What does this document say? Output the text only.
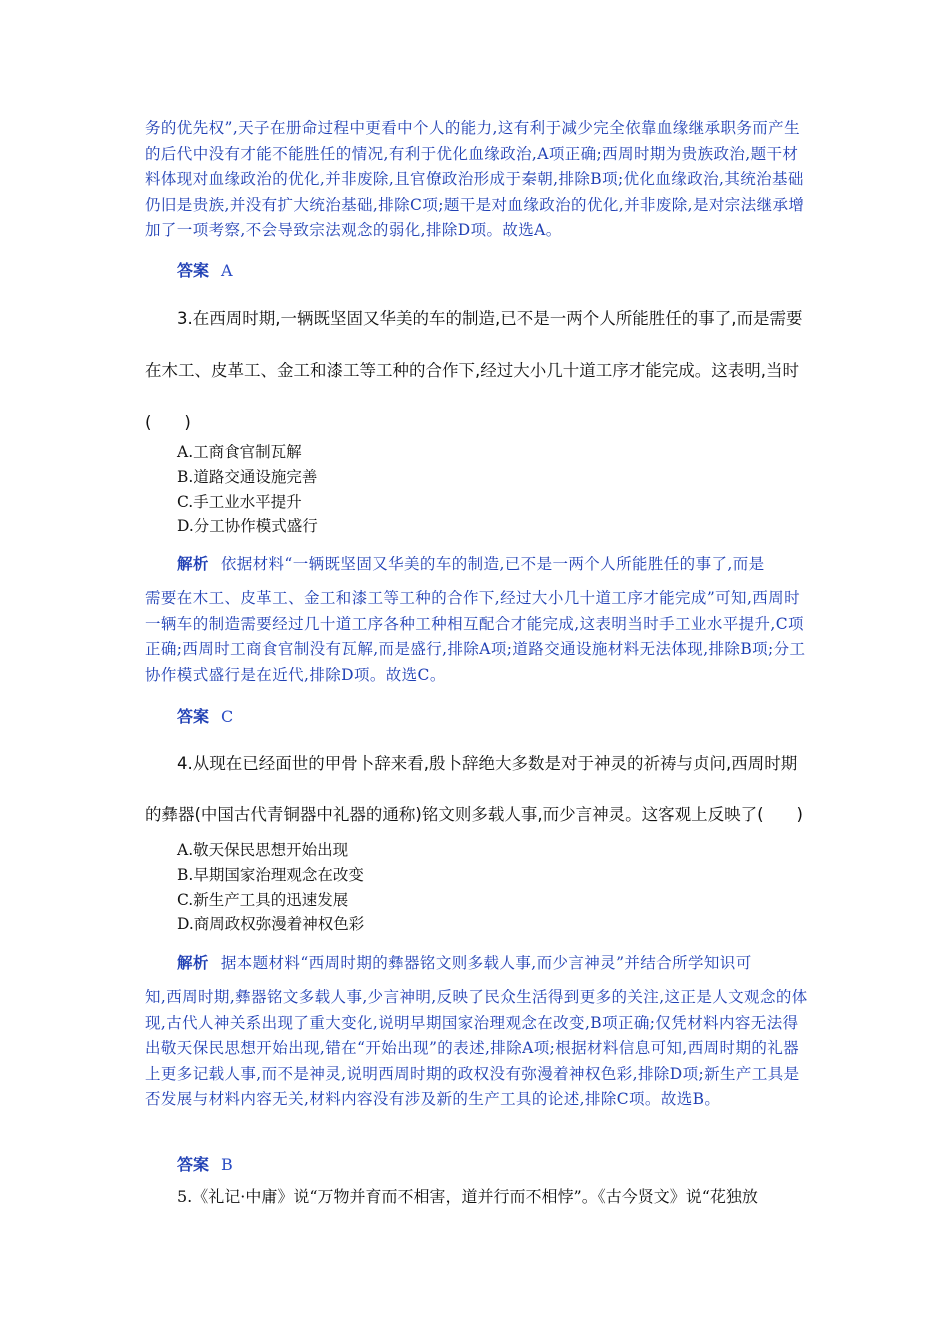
务的优先权”,天子在册命过程中更看中个人的能力,这有利于减少完全依靠血缘继承职务而产生的后代中没有才能不能胜任的情况,有利于优化血缘政治,A项正确;西周时期为贵族政治,题干材料体现对血缘政治的优化,并非废除,且官僚政治形成于秦朝,排除B项;优化血缘政治,其统治基础仍旧是贵族,并没有扩大统治基础,排除C项;题干是对血缘政治的优化,并非废除,是对宗法继承增加了一项考察,不会导致宗法观念的弱化,排除D项。故选A。
答案 A
3.在西周时期,一辆既坚固又华美的车的制造,已不是一两个人所能胜任的事了,而是需要
在木工、皮革工、金工和漆工等工种的合作下,经过大小几十道工序才能完成。这表明,当时
(　　)
A.工商食官制瓦解
B.道路交通设施完善
C.手工业水平提升
D.分工协作模式盛行
解析 依据材料“一辆既坚固又华美的车的制造,已不是一两个人所能胜任的事了,而是
需要在木工、皮革工、金工和漆工等工种的合作下,经过大小几十道工序才能完成”可知,西周时一辆车的制造需要经过几十道工序各种工种相互配合才能完成,这表明当时手工业水平提升,C项正确;西周时工商食官制没有瓦解,而是盛行,排除A项;道路交通设施材料无法体现,排除B项;分工协作模式盛行是在近代,排除D项。故选C。
答案 C
4.从现在已经面世的甲骨卜辞来看,殷卜辞绝大多数是对于神灵的祈祷与贞问,西周时期
的彝器(中国古代青铜器中礼器的通称)铭文则多载人事,而少言神灵。这客观上反映了(　　)
A.敬天保民思想开始出现
B.早期国家治理观念在改变
C.新生产工具的迅速发展
D.商周政权弥漫着神权色彩
解析 据本题材料“西周时期的彝器铭文则多载人事,而少言神灵”并结合所学知识可
知,西周时期,彝器铭文多载人事,少言神明,反映了民众生活得到更多的关注,这正是人文观念的体现,古代人神关系出现了重大变化,说明早期国家治理观念在改变,B项正确;仅凭材料内容无法得出敬天保民思想开始出现,错在“开始出现”的表述,排除A项;根据材料信息可知,西周时期的礼器上更多记载人事,而不是神灵,说明西周时期的政权没有弥漫着神权色彩,排除D项;新生产工具是否发展与材料内容无关,材料内容没有涉及新的生产工具的论述,排除C项。故选B。
答案 B
5.《礼记·中庸》说“万物并育而不相害，道并行而不相悖”。《古今贤文》说“花独放
